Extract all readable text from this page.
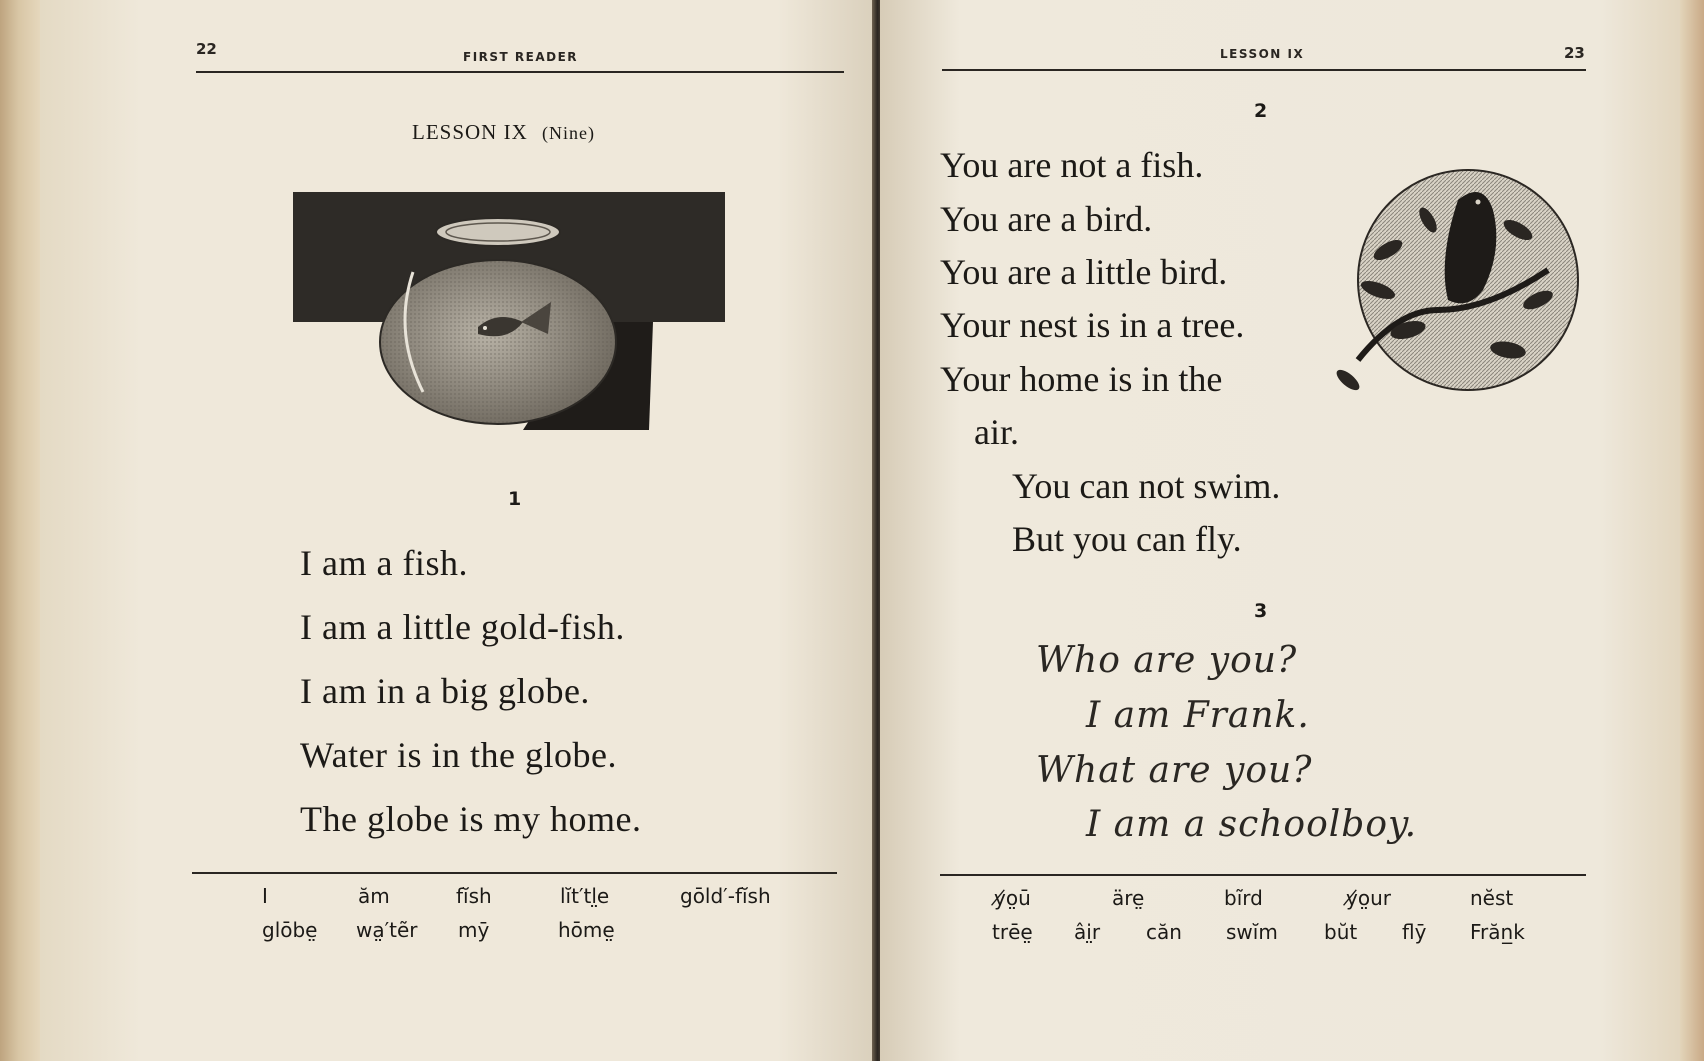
22	FIRST READER
LESSON IX (Nine)
1
I am a fish.
I am a little gold-fish.
I am in a big globe.
Water is in the globe.
The globe is my home.
I	ăm	fĭsh	lĭt′tl̤e	gōld′-fĭsh
glōbe̤ wa̤′tẽr mȳ	hōme̤
LESSON IX	23
2
You are not a fish.
You are a bird.
You are a little bird.
Your nest is in a tree.
Your home is in the
air.
You can not swim.
But you can fly.
3
Who are you?
I am Frank.
What are you?
I am a schoolboy.
y̸o̤ū	äre̤	bĩrd	y̸o̤ur	nĕst
trēe̤ âi̤r căn swĭm bŭt flȳ Frăn̲k
